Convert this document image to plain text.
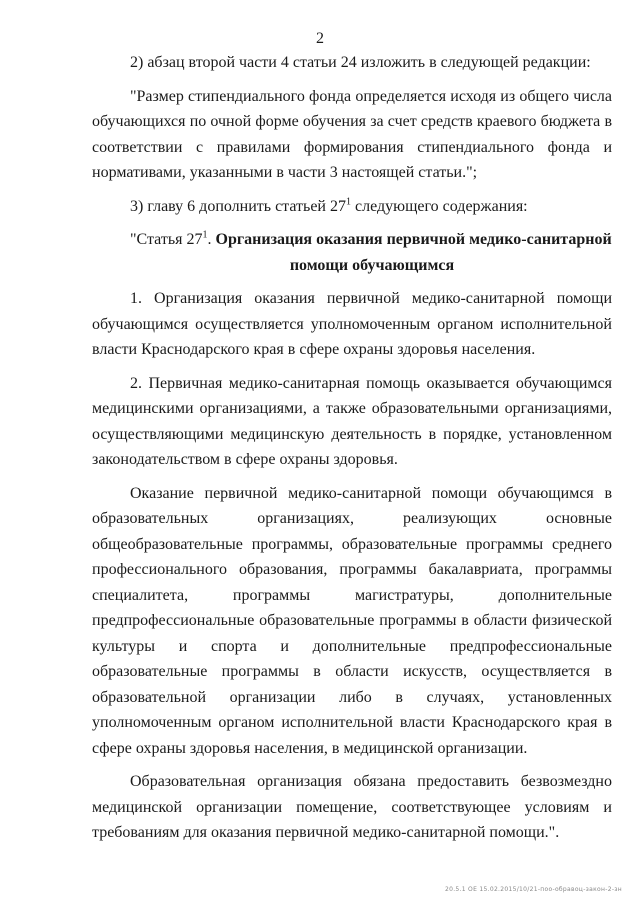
2

2) абзац второй части 4 статьи 24 изложить в следующей редакции:

"Размер стипендиального фонда определяется исходя из общего числа обучающихся по очной форме обучения за счет средств краевого бюджета в соответствии с правилами формирования стипендиального фонда и нормативами, указанными в части 3 настоящей статьи.";

3) главу 6 дополнить статьей $27^1$ следующего содержания:

"Статья $27^1$. Организация оказания первичной медико-санитарной
помощи обучающимся

1. Организация оказания первичной медико-санитарной помощи обучающимся осуществляется уполномоченным органом исполнительной власти Краснодарского края в сфере охраны здоровья населения.

2. Первичная медико-санитарная помощь оказывается обучающимся медицинскими организациями, а также образовательными организациями, осуществляющими медицинскую деятельность в порядке, установленном законодательством в сфере охраны здоровья.

Оказание первичной медико-санитарной помощи обучающимся в образовательных организациях, реализующих основные общеобразовательные программы, образовательные программы среднего профессионального образования, программы бакалавриата, программы специалитета, программы магистратуры, дополнительные предпрофессиональные образовательные программы в области физической культуры и спорта и дополнительные предпрофессиональные образовательные программы в области искусств, осуществляется в образовательной организации либо в случаях, установленных уполномоченным органом исполнительной власти Краснодарского края в сфере охраны здоровья населения, в медицинской организации.

Образовательная организация обязана предоставить безвозмездно медицинской организации помещение, соответствующее условиям и требованиям для оказания первичной медико-санитарной помощи.".

20.5.1 ОЕ 15.02.2015/10/21-поо-обравоц-закон-2-зн
